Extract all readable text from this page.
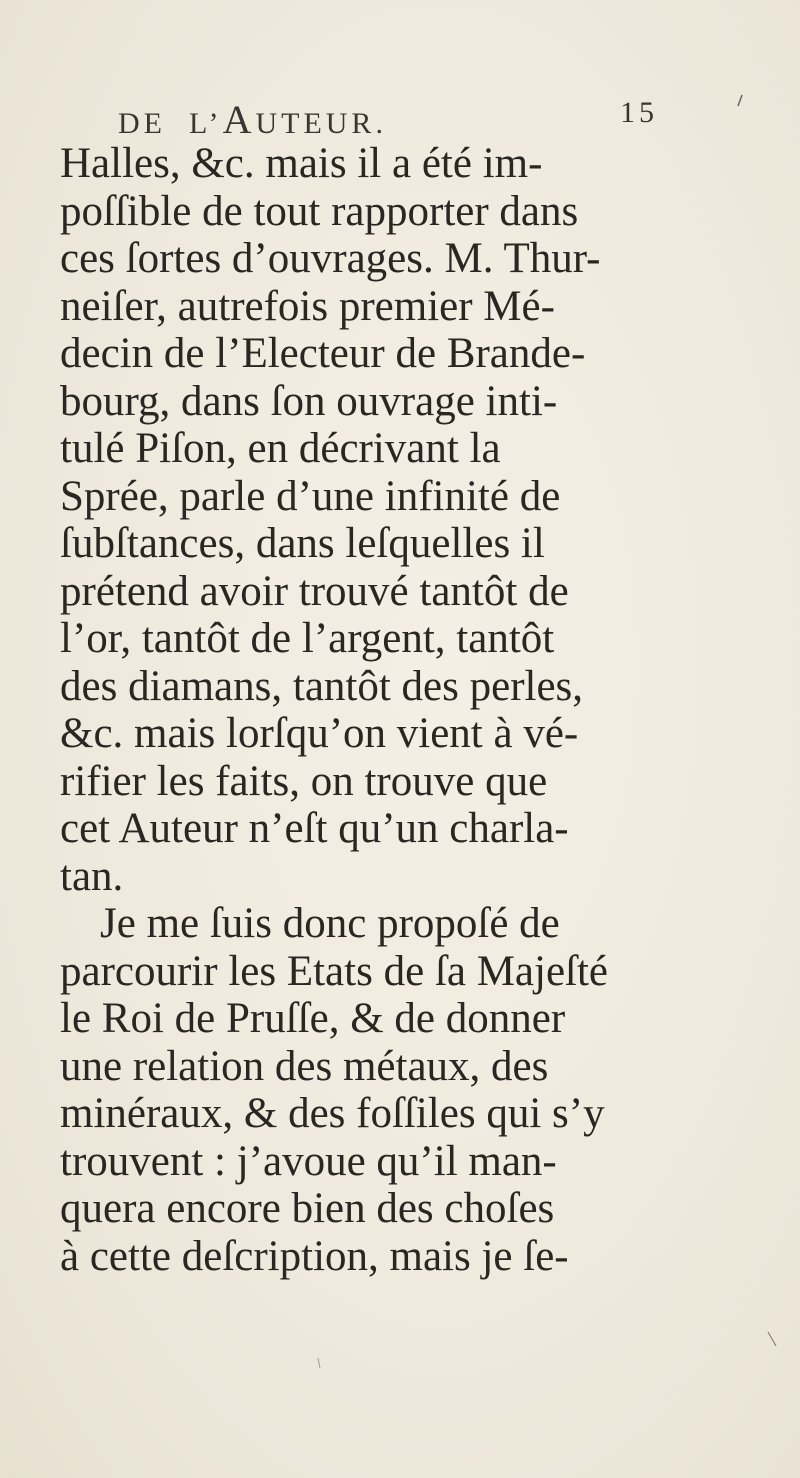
DE  L’AUTEUR.	15
Halles, &c. mais il a été im-
poſſible de tout rapporter dans
ces ſortes d’ouvrages. M. Thur-
neiſer, autrefois premier Mé-
decin de l’Electeur de Brande-
bourg, dans ſon ouvrage inti-
tulé Piſon, en décrivant la
Sprée, parle d’une infinité de
ſubſtances, dans leſquelles il
prétend avoir trouvé tantôt de
l’or, tantôt de l’argent, tantôt
des diamans, tantôt des perles,
&c. mais lorſqu’on vient à vé-
rifier les faits, on trouve que
cet Auteur n’eſt qu’un charla-
tan.
Je me ſuis donc propoſé de
parcourir les Etats de ſa Majeſté
le Roi de Pruſſe, & de donner
une relation des métaux, des
minéraux, & des foſſiles qui s’y
trouvent : j’avoue qu’il man-
quera encore bien des choſes
à cette deſcription, mais je ſe-
